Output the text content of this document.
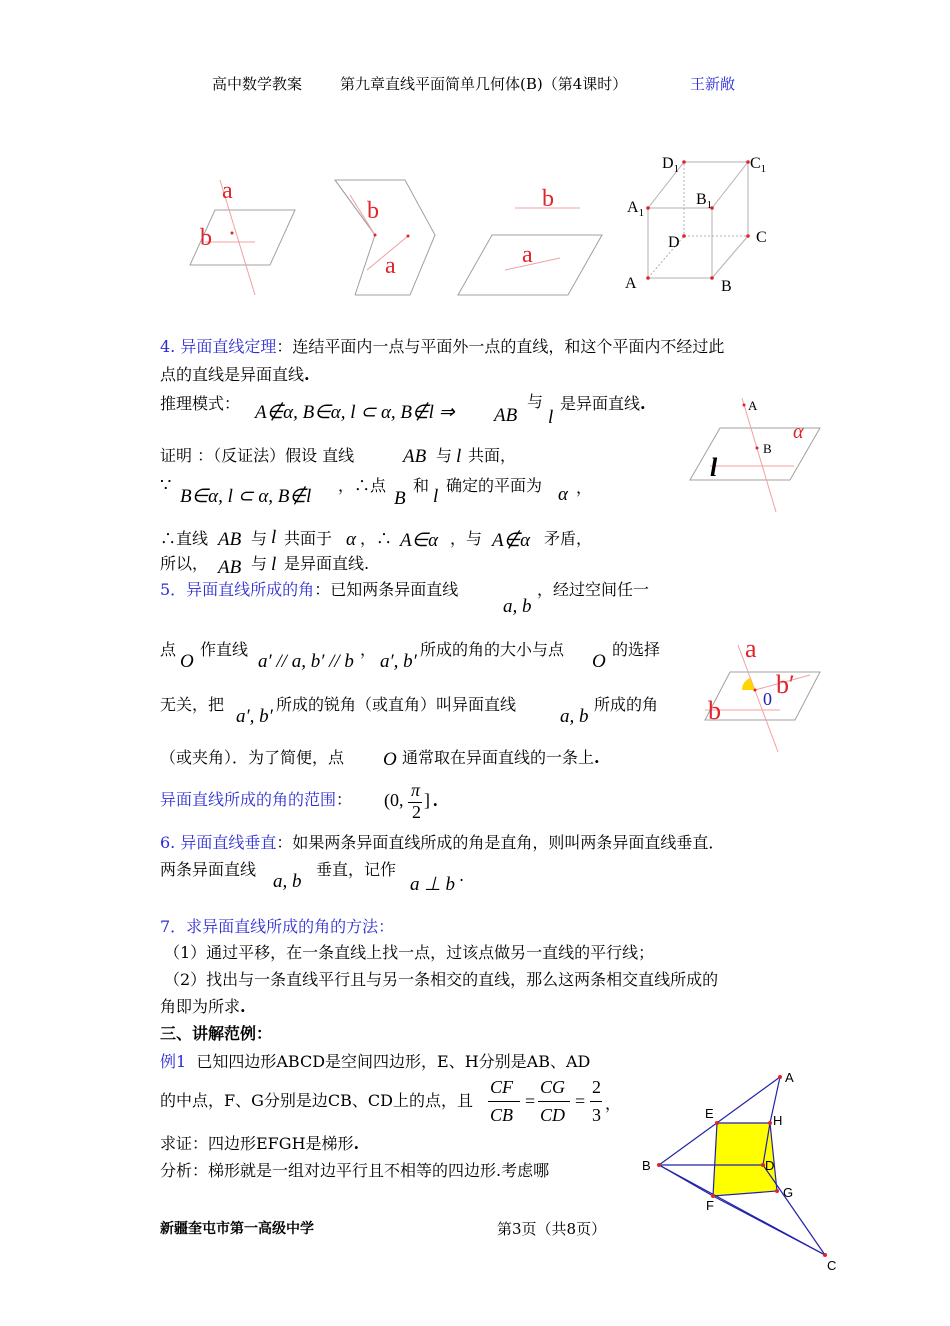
高中数学教案	第九章直线平面简单几何体(B)（第4课时）	王新敞
a
b
b
a
b
a
$D_1$	$C_1$
$A_1$
$B_1$
D	C
A	B
4. 异面直线定理：连结平面内一点与平面外一点的直线，和这个平面内不经过此
点的直线是异面直线.
推理模式： A∉α, B∈α, l ⊂ α, B∉l ⇒ AB
与
l
是异面直线.
证明 ：（反证法）假设 直线	AB 与 l 共面，
∵
B∈α, l ⊂ α, B∉l
，∴点
B
和
l
确定的平面为 α ，
∴直线 AB 与 l 共面于 α ，∴ A∈α ，与 A∉α 矛盾，
所以， AB 与 l 是异面直线.
A
B
α
l
5．异面直线所成的角：已知两条异面直线
a, b
，经过空间任一
点
O
作直线
a′ // a, b′ // b
，
a′, b′
所成的角的大小与点
O
的选择
无关，把
a′, b′
所成的锐角（或直角）叫异面直线
a, b
所成的角
（或夹角）．为了简便，点 O 通常取在异面直线的一条上.
异面直线所成的角的范围： (0, π
2
] .
a
b′
b 0
6. 异面直线垂直：如果两条异面直线所成的角是直角，则叫两条异面直线垂直．
两条异面直线
a, b
垂直，记作
a ⊥ b .
7．求异面直线所成的角的方法：
（1）通过平移，在一条直线上找一点，过该点做另一直线的平行线；
（2）找出与一条直线平行且与另一条相交的直线，那么这两条相交直线所成的
角即为所求.
三、讲解范例：
例1 已知四边形ABCD是空间四边形，E、H分别是AB、AD
的中点，F、G分别是边CB、CD上的点，且
CF
CB
=
CG
CD
=
2
3
，
求证：四边形EFGH是梯形.
分析：梯形就是一组对边平行且不相等的四边形.考虑哪
A
B
C
D
E
F
G
H
新疆奎屯市第一高级中学	第3页（共8页）
